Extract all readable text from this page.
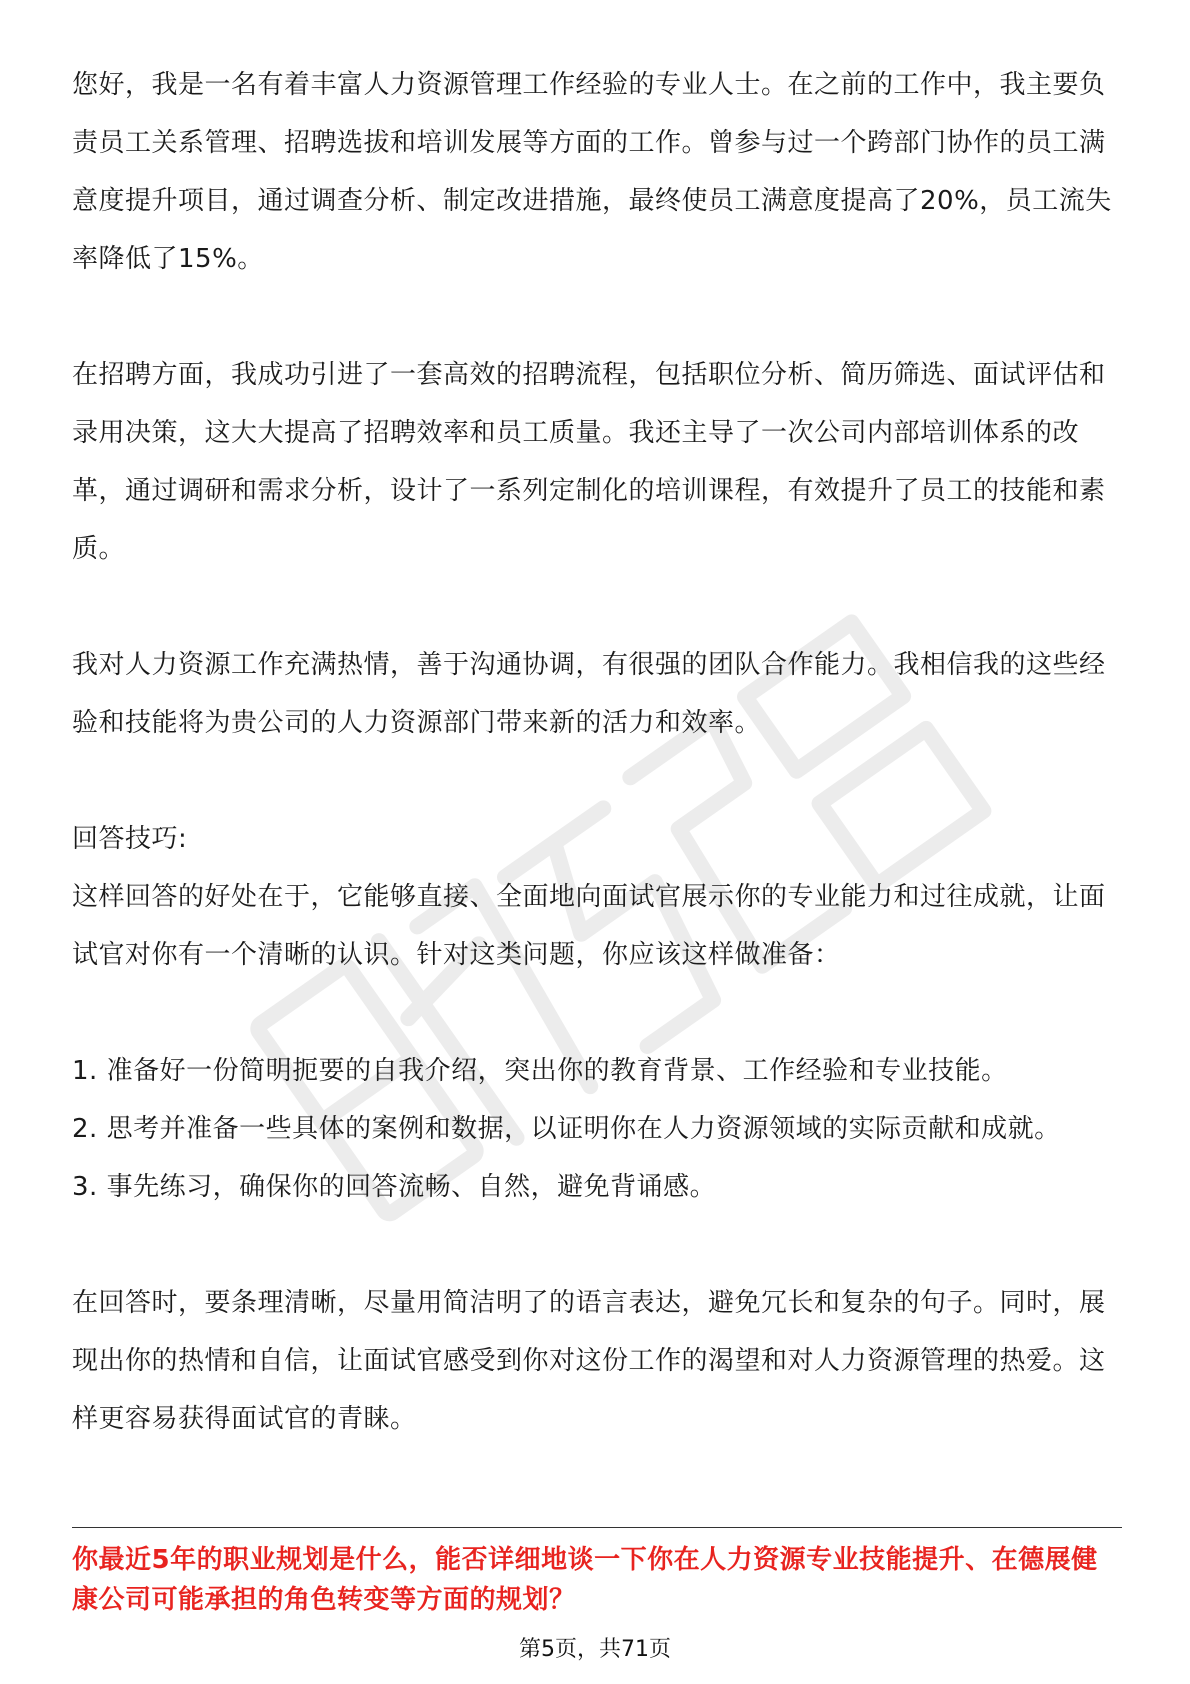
您好，我是一名有着丰富人力资源管理工作经验的专业人士。在之前的工作中，我主要负责员工关系管理、招聘选拔和培训发展等方面的工作。曾参与过一个跨部门协作的员工满意度提升项目，通过调查分析、制定改进措施，最终使员工满意度提高了20%，员工流失率降低了15%。

在招聘方面，我成功引进了一套高效的招聘流程，包括职位分析、简历筛选、面试评估和录用决策，这大大提高了招聘效率和员工质量。我还主导了一次公司内部培训体系的改革，通过调研和需求分析，设计了一系列定制化的培训课程，有效提升了员工的技能和素质。

我对人力资源工作充满热情，善于沟通协调，有很强的团队合作能力。我相信我的这些经验和技能将为贵公司的人力资源部门带来新的活力和效率。

回答技巧:

这样回答的好处在于，它能够直接、全面地向面试官展示你的专业能力和过往成就，让面试官对你有一个清晰的认识。针对这类问题，你应该这样做准备：

1. 准备好一份简明扼要的自我介绍，突出你的教育背景、工作经验和专业技能。

2. 思考并准备一些具体的案例和数据，以证明你在人力资源领域的实际贡献和成就。

3. 事先练习，确保你的回答流畅、自然，避免背诵感。

在回答时，要条理清晰，尽量用简洁明了的语言表达，避免冗长和复杂的句子。同时，展现出你的热情和自信，让面试官感受到你对这份工作的渴望和对人力资源管理的热爱。这样更容易获得面试官的青睐。

你最近5年的职业规划是什么，能否详细地谈一下你在人力资源专业技能提升、在德展健康公司可能承担的角色转变等方面的规划？

第5页，共71页
